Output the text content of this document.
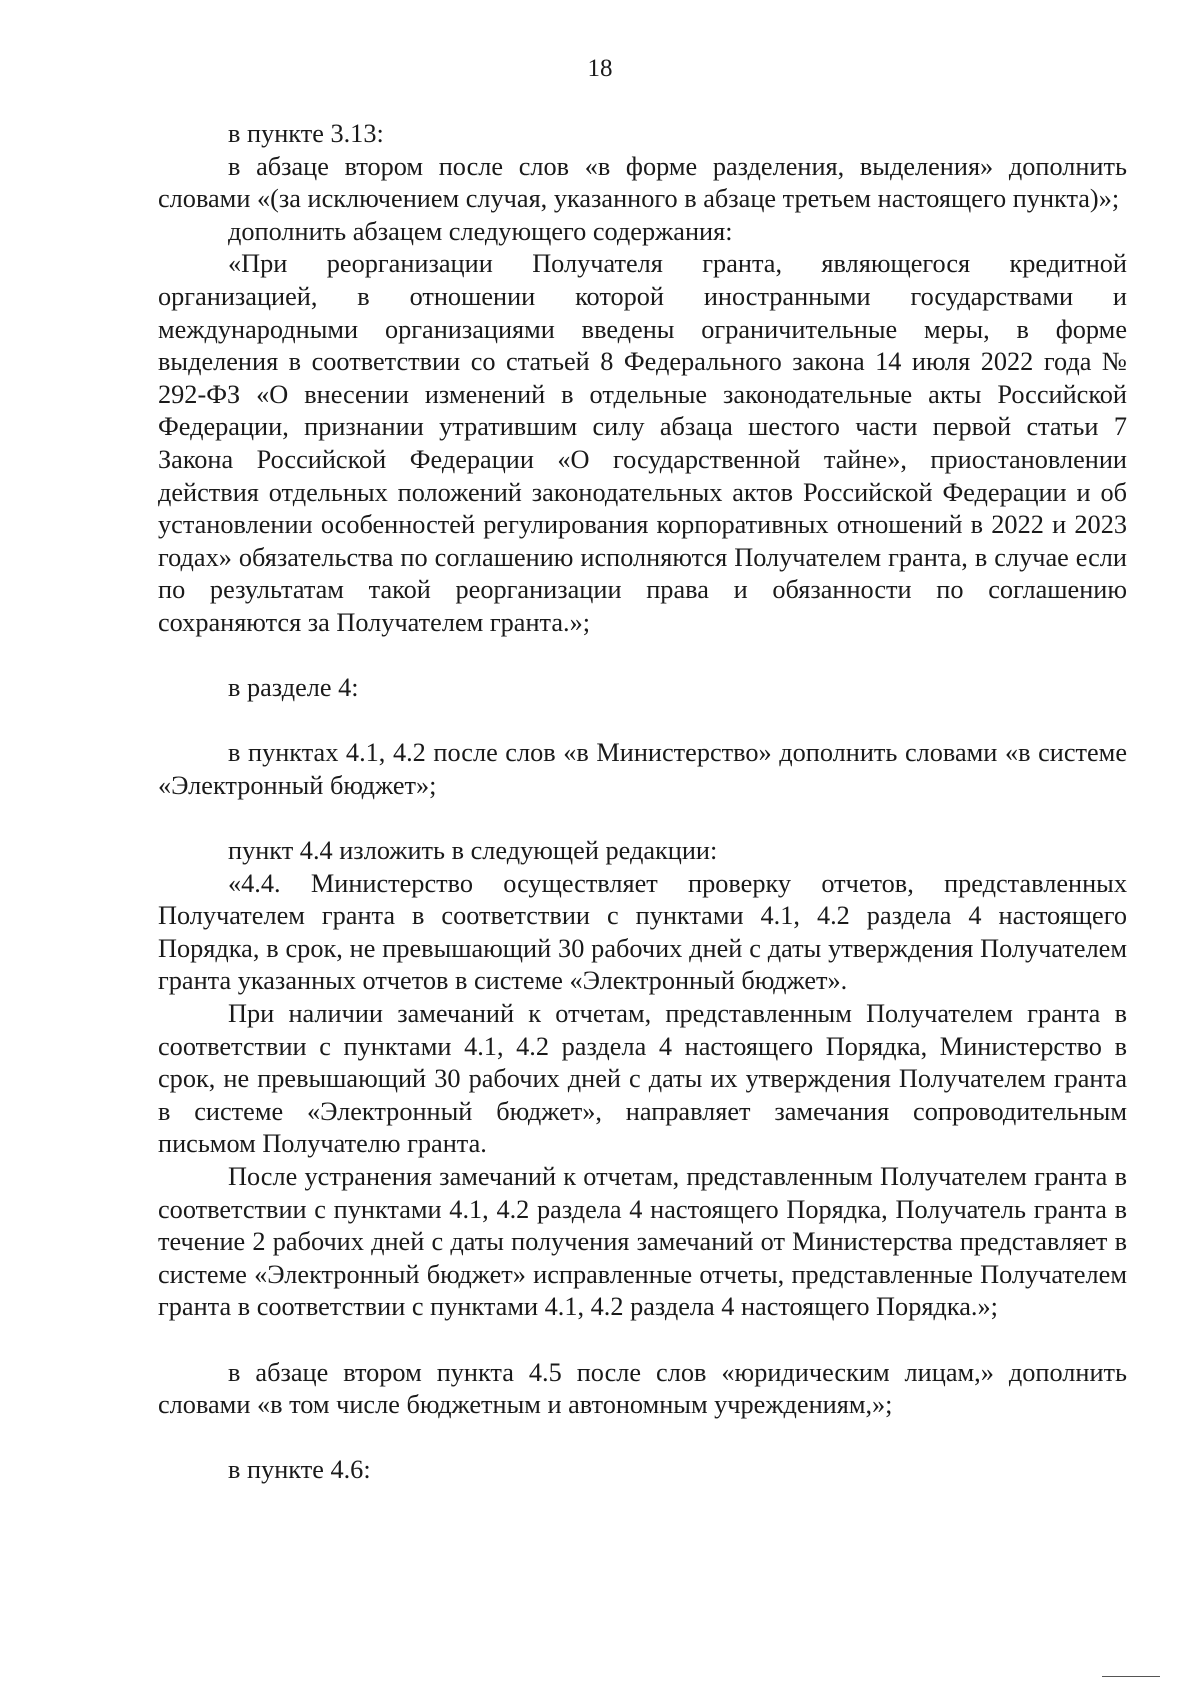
18

в пункте 3.13:

в абзаце втором после слов «в форме разделения, выделения» дополнить словами «(за исключением случая, указанного в абзаце третьем настоящего пункта)»;

дополнить абзацем следующего содержания:

«При реорганизации Получателя гранта, являющегося кредитной организацией, в отношении которой иностранными государствами и международными организациями введены ограничительные меры, в форме выделения в соответствии со статьей 8 Федерального закона 14 июля 2022 года № 292-ФЗ «О внесении изменений в отдельные законодательные акты Российской Федерации, признании утратившим силу абзаца шестого части первой статьи 7 Закона Российской Федерации «О государственной тайне», приостановлении действия отдельных положений законодательных актов Российской Федерации и об установлении особенностей регулирования корпоративных отношений в 2022 и 2023 годах» обязательства по соглашению исполняются Получателем гранта, в случае если по результатам такой реорганизации права и обязанности по соглашению сохраняются за Получателем гранта.»;

в разделе 4:

в пунктах 4.1, 4.2 после слов «в Министерство» дополнить словами «в системе «Электронный бюджет»;

пункт 4.4 изложить в следующей редакции:

«4.4. Министерство осуществляет проверку отчетов, представленных Получателем гранта в соответствии с пунктами 4.1, 4.2 раздела 4 настоящего Порядка, в срок, не превышающий 30 рабочих дней с даты утверждения Получателем гранта указанных отчетов в системе «Электронный бюджет».

При наличии замечаний к отчетам, представленным Получателем гранта в соответствии с пунктами 4.1, 4.2 раздела 4 настоящего Порядка, Министерство в срок, не превышающий 30 рабочих дней с даты их утверждения Получателем гранта в системе «Электронный бюджет», направляет замечания сопроводительным письмом Получателю гранта.

После устранения замечаний к отчетам, представленным Получателем гранта в соответствии с пунктами 4.1, 4.2 раздела 4 настоящего Порядка, Получатель гранта в течение 2 рабочих дней с даты получения замечаний от Министерства представляет в системе «Электронный бюджет» исправленные отчеты, представленные Получателем гранта в соответствии с пунктами 4.1, 4.2 раздела 4 настоящего Порядка.»;

в абзаце втором пункта 4.5 после слов «юридическим лицам,» дополнить словами «в том числе бюджетным и автономным учреждениям,»;

в пункте 4.6:
